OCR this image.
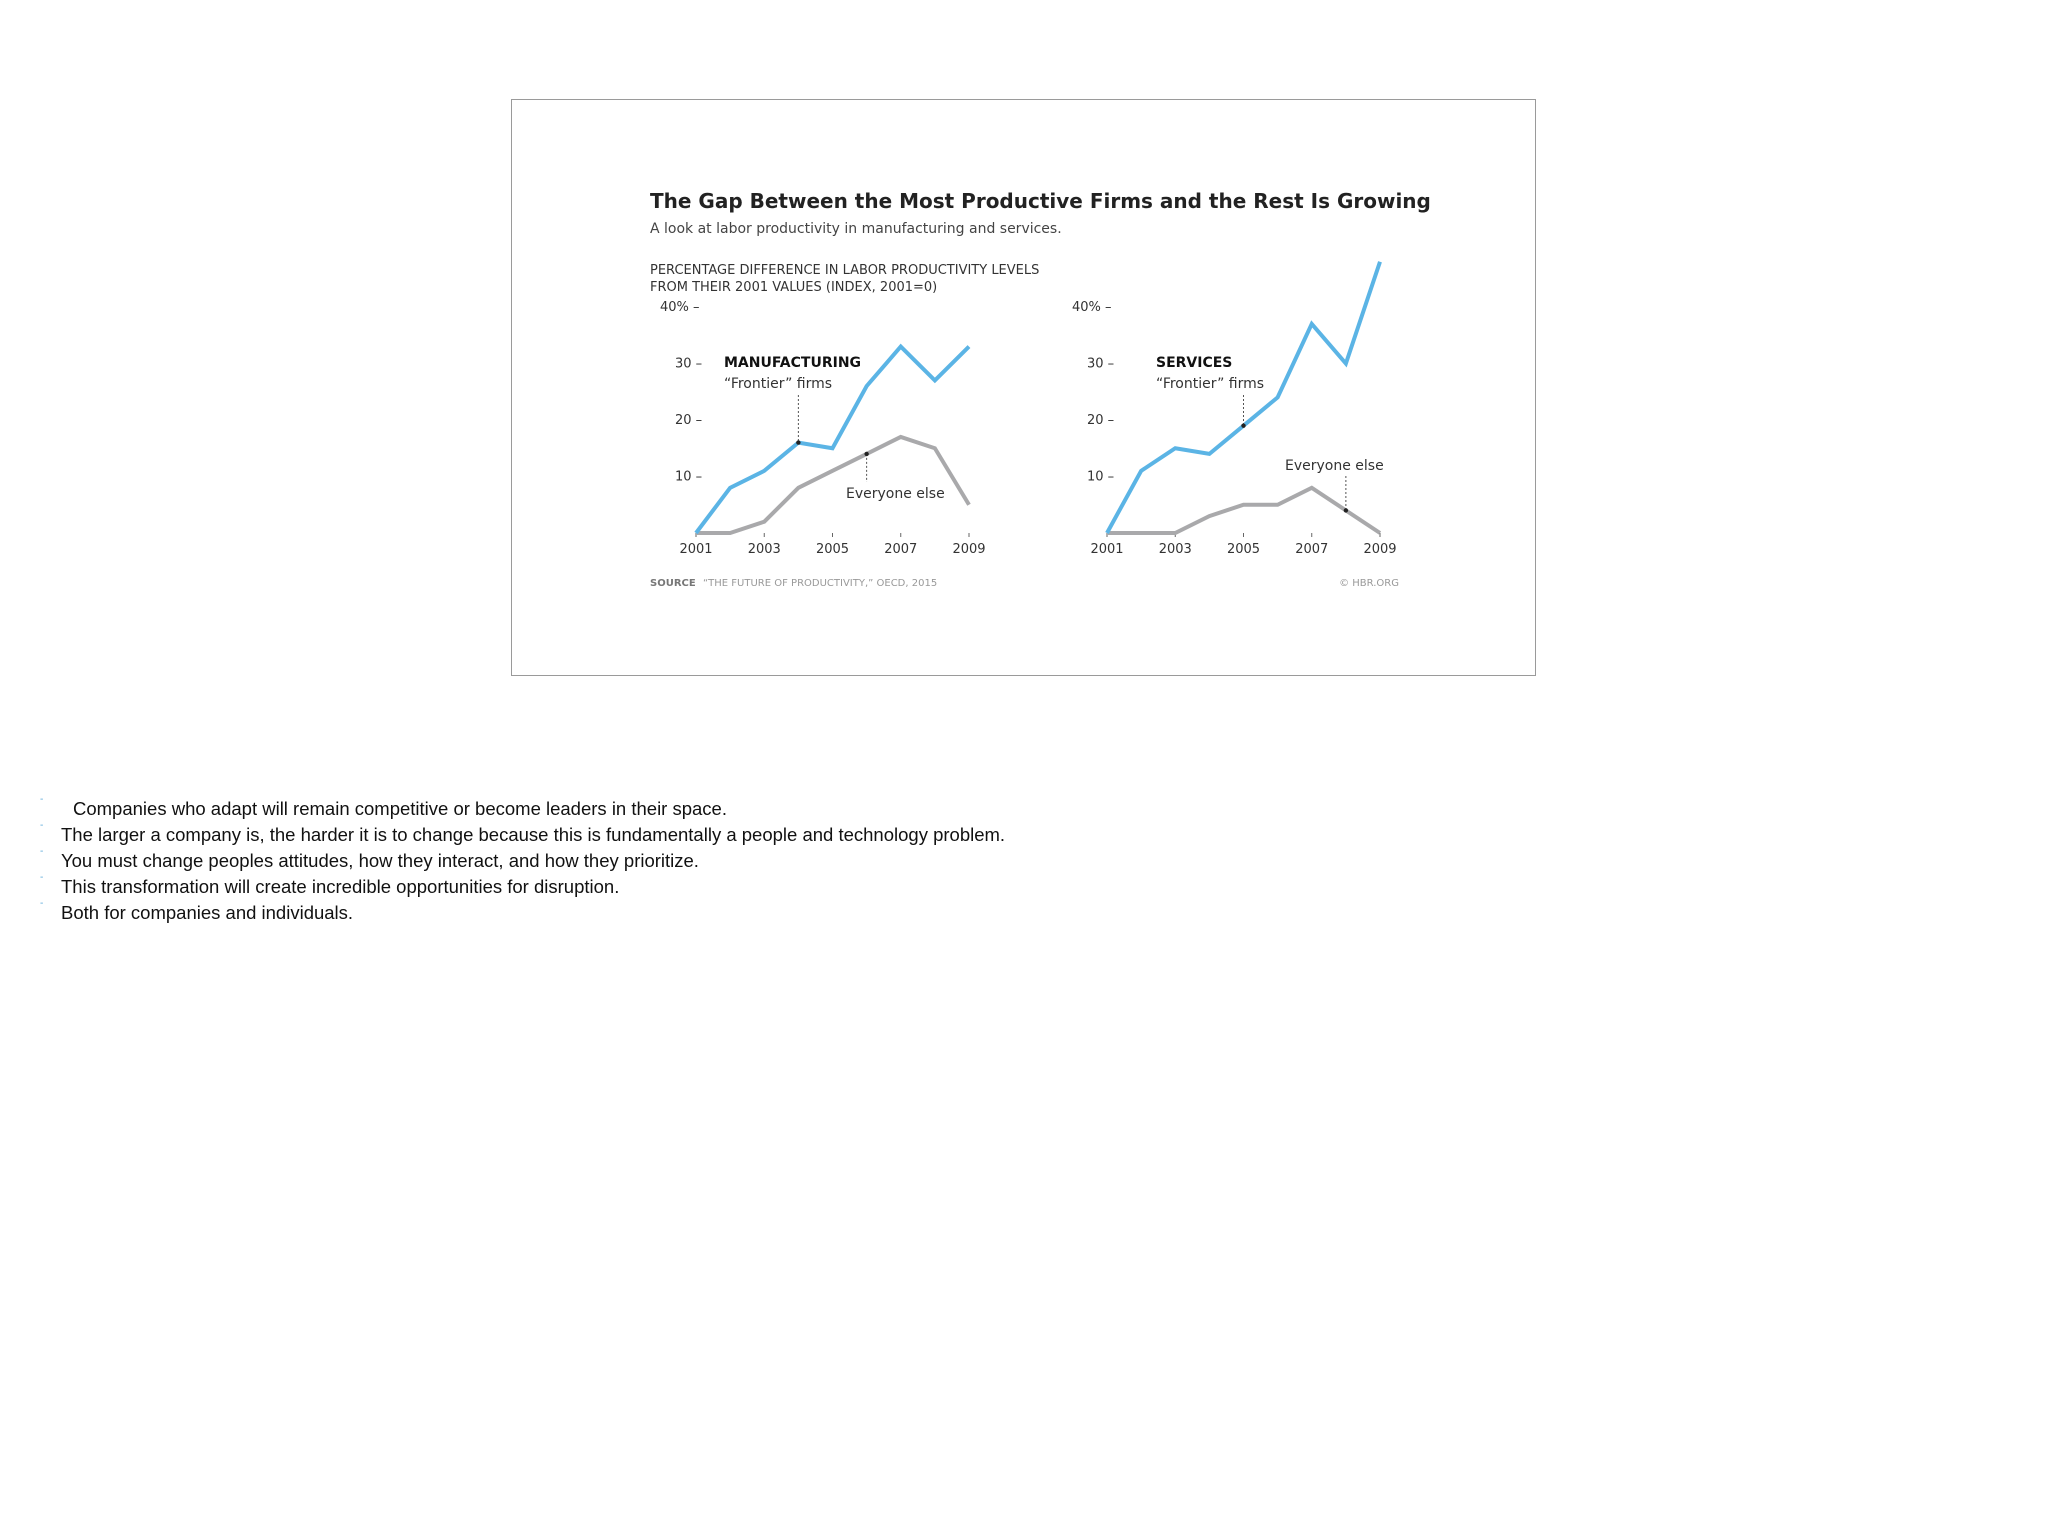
The Gap Between the Most Productive Firms and the Rest Is Growing
A look at labor productivity in manufacturing and services.
PERCENTAGE DIFFERENCE IN LABOR PRODUCTIVITY LEVELS
FROM THEIR 2001 VALUES (INDEX, 2001=0)
40% –
30 –
20 –
10 –
2001	2003	2005	2007	2009
MANUFACTURING
“Frontier” firms
Everyone else
40% –
30 –
20 –
10 –
2001	2003	2005	2007	2009
SERVICES
“Frontier” firms
Everyone else
SOURCE “THE FUTURE OF PRODUCTIVITY,” OECD, 2015	© HBR.ORG
- Companies who adapt will remain competitive or become leaders in their space.
- The larger a company is, the harder it is to change because this is fundamentally a people and technology problem.
- You must change peoples attitudes, how they interact, and how they prioritize.
- This transformation will create incredible opportunities for disruption.
- Both for companies and individuals.
